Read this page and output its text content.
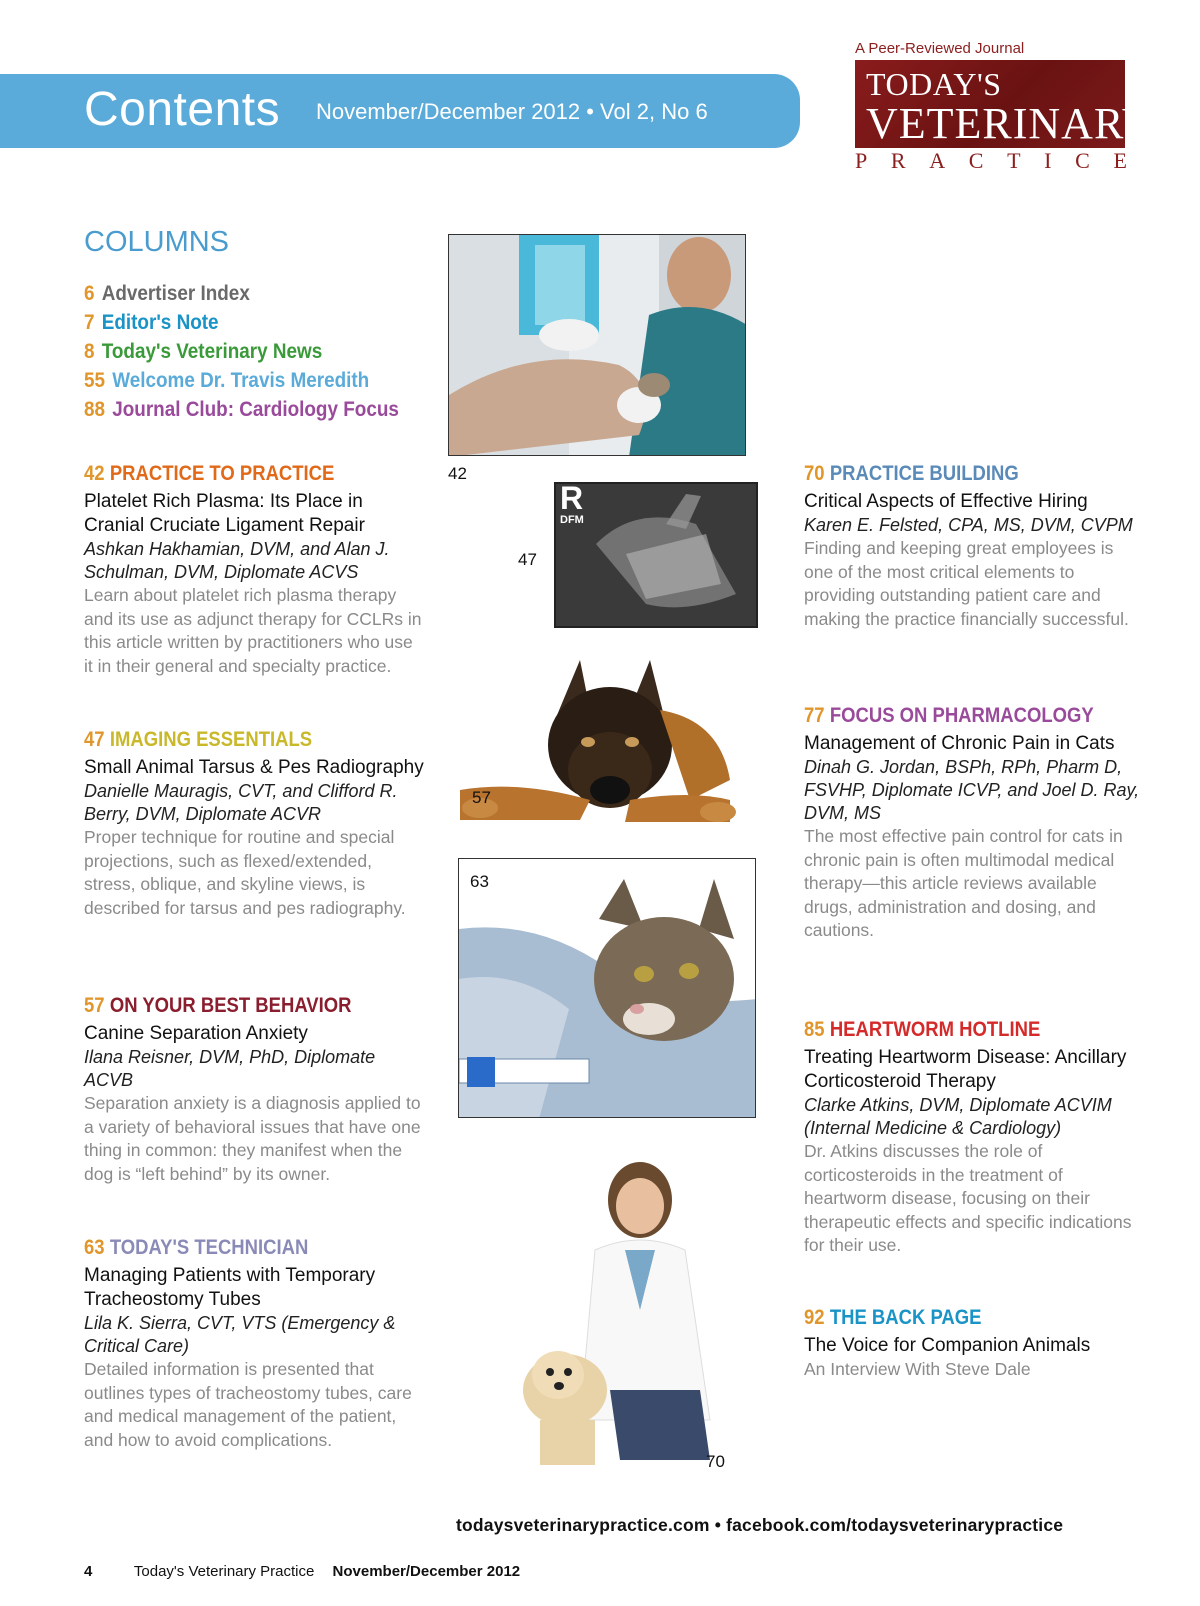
Contents November/December 2012 • Vol 2, No 6
A Peer-Reviewed Journal
TODAY'S
VETERINARY
P R A C T I C E
COLUMNS
6 Advertiser Index
7 Editor's Note
8 Today's Veterinary News
55 Welcome Dr. Travis Meredith
88 Journal Club: Cardiology Focus
42 PRACTICE TO PRACTICE
Platelet Rich Plasma: Its Place in Cranial Cruciate Ligament Repair
Ashkan Hakhamian, DVM, and Alan J. Schulman, DVM, Diplomate ACVS
Learn about platelet rich plasma therapy and its use as adjunct therapy for CCLRs in this article written by practitioners who use it in their general and specialty practice.
47 IMAGING ESSENTIALS
Small Animal Tarsus & Pes Radiography
Danielle Mauragis, CVT, and Clifford R. Berry, DVM, Diplomate ACVR
Proper technique for routine and special projections, such as flexed/extended, stress, oblique, and skyline views, is described for tarsus and pes radiography.
57 ON YOUR BEST BEHAVIOR
Canine Separation Anxiety
Ilana Reisner, DVM, PhD, Diplomate ACVB
Separation anxiety is a diagnosis applied to a variety of behavioral issues that have one thing in common: they manifest when the dog is “left behind” by its owner.
63 TODAY'S TECHNICIAN
Managing Patients with Temporary Tracheostomy Tubes
Lila K. Sierra, CVT, VTS (Emergency & Critical Care)
Detailed information is presented that outlines types of tracheostomy tubes, care and medical management of the patient, and how to avoid complications.
70 PRACTICE BUILDING
Critical Aspects of Effective Hiring
Karen E. Felsted, CPA, MS, DVM, CVPM
Finding and keeping great employees is one of the most critical elements to providing outstanding patient care and making the practice financially successful.
77 FOCUS ON PHARMACOLOGY
Management of Chronic Pain in Cats
Dinah G. Jordan, BSPh, RPh, Pharm D, FSVHP, Diplomate ICVP, and Joel D. Ray, DVM, MS
The most effective pain control for cats in chronic pain is often multimodal medical therapy—this article reviews available drugs, administration and dosing, and cautions.
85 HEARTWORM HOTLINE
Treating Heartworm Disease: Ancillary Corticosteroid Therapy
Clarke Atkins, DVM, Diplomate ACVIM (Internal Medicine & Cardiology)
Dr. Atkins discusses the role of corticosteroids in the treatment of heartworm disease, focusing on their therapeutic effects and specific indications for their use.
92 THE BACK PAGE
The Voice for Companion Animals
An Interview With Steve Dale
42
R
DFM
47
57
63
70
todaysveterinarypractice.com • facebook.com/todaysveterinarypractice
4	Today's Veterinary Practice November/December 2012
